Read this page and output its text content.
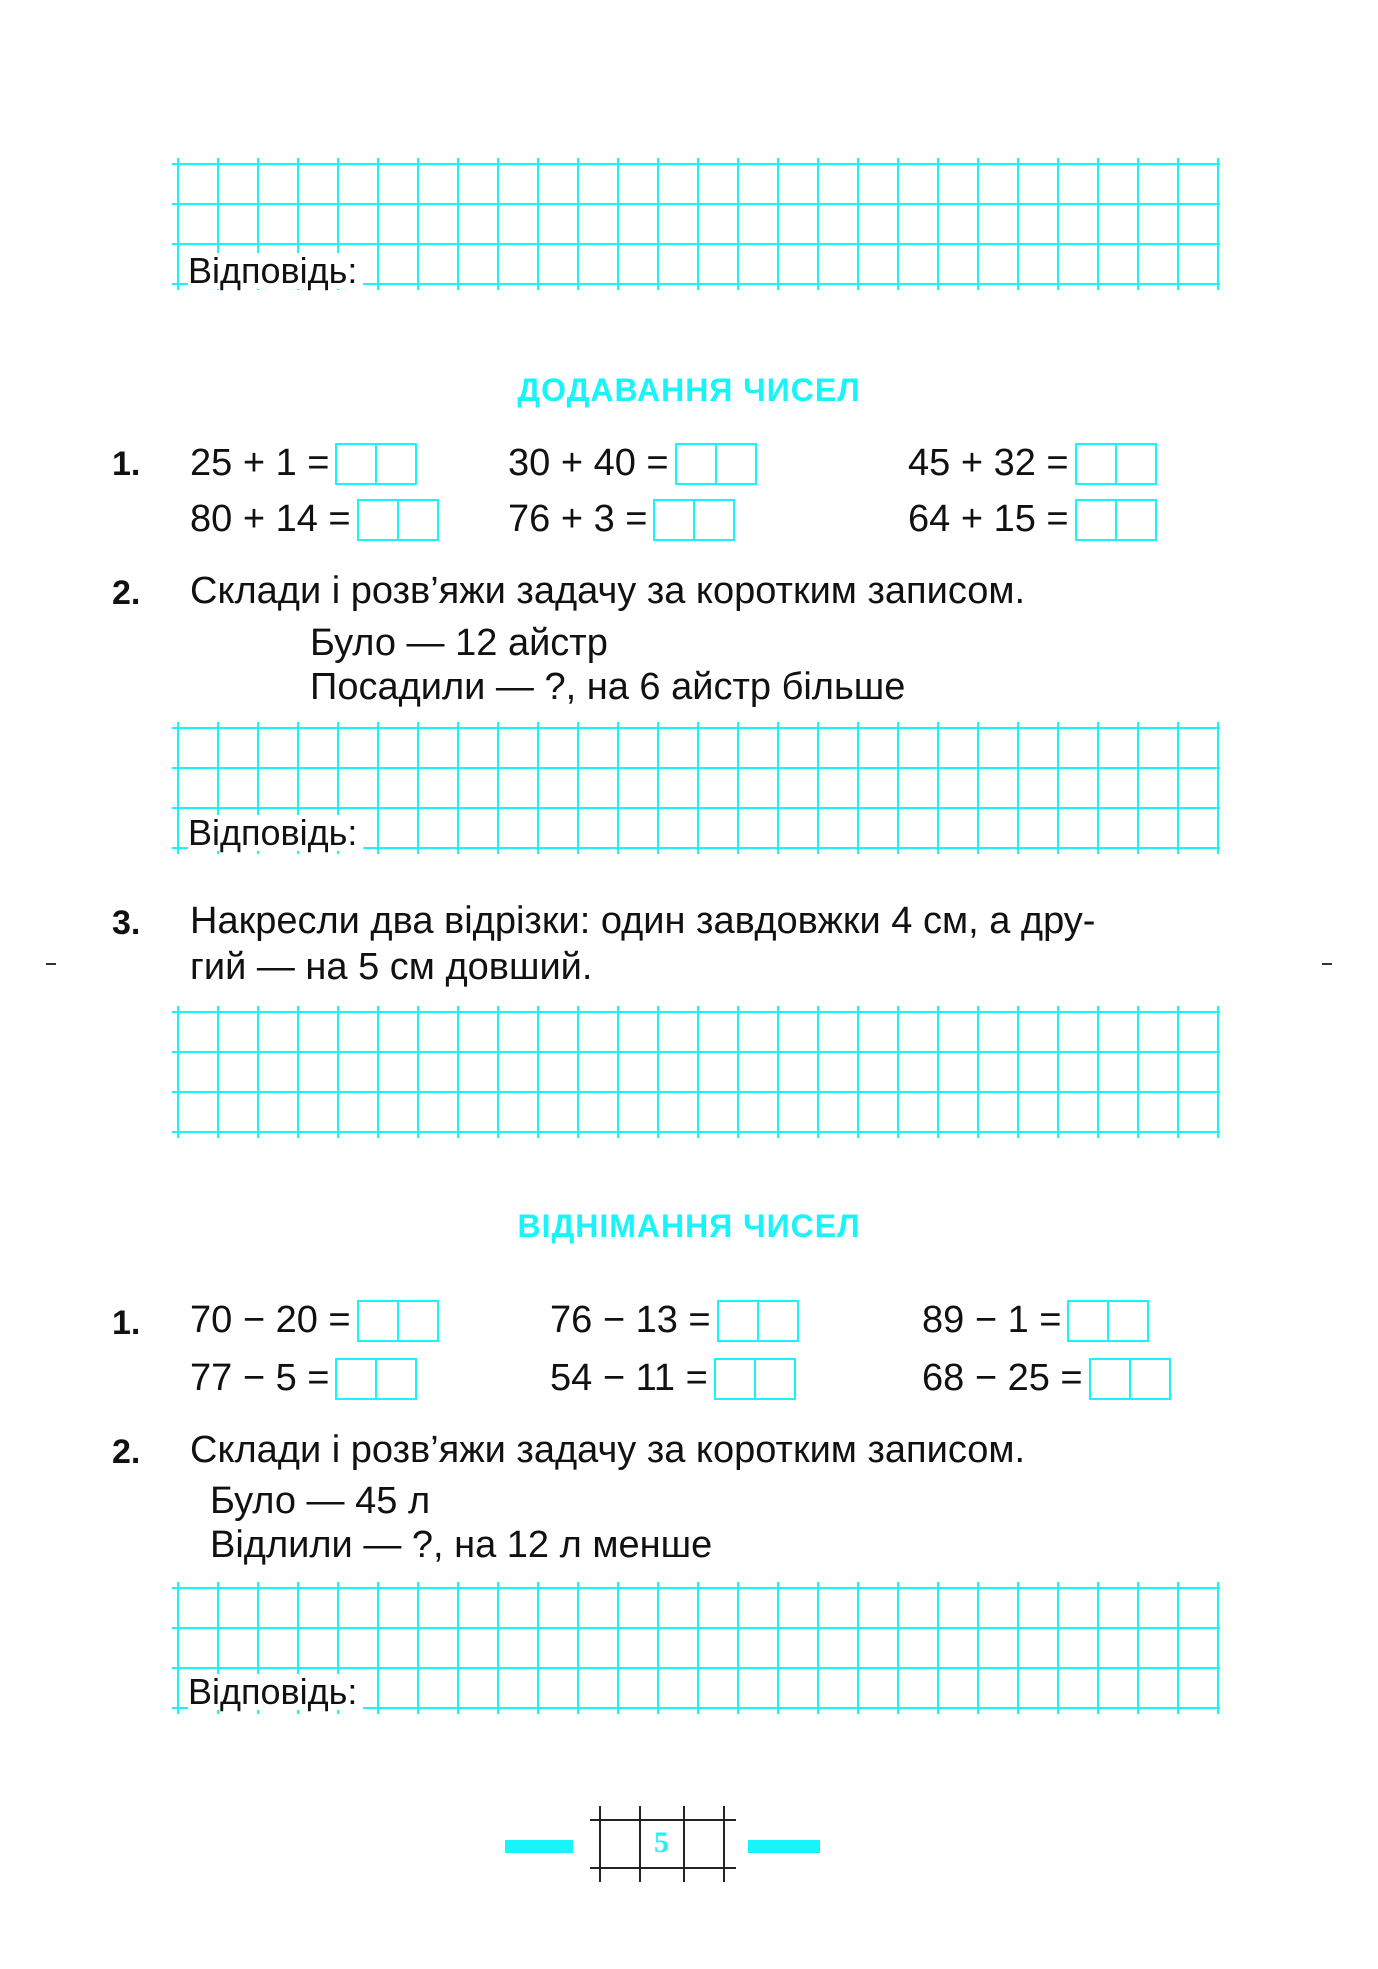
Відповідь:
ДОДАВАННЯ ЧИСЕЛ
1. 25 + 1 =	30 + 40 =	45 + 32 =
80 + 14 =	76 + 3 =	64 + 15 =
2. Склади і розв’яжи задачу за коротким записом.
Було — 12 айстр
Посадили — ?, на 6 айстр більше
Відповідь:
3. Накресли два відрізки: один завдовжки 4 см, а дру-
гий — на 5 см довший.
ВІДНІМАННЯ ЧИСЕЛ
1. 70 − 20 =	76 − 13 =	89 − 1 =
77 − 5 =	54 − 11 =	68 − 25 =
2. Склади і розв’яжи задачу за коротким записом.
Було — 45 л
Відлили — ?, на 12 л менше
Відповідь:
5
